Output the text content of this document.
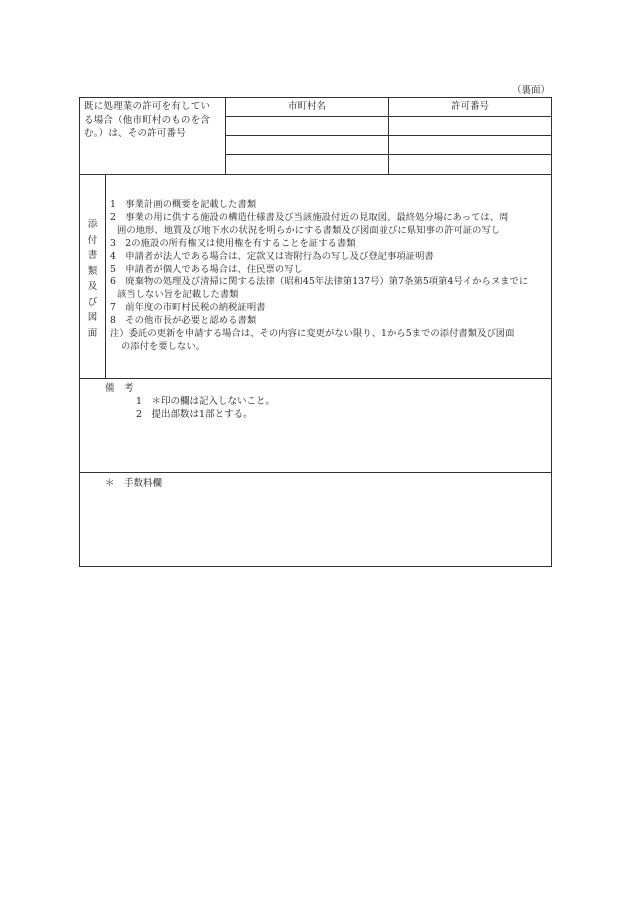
（裏面）
既に処理業の許可を有してい
る場合（他市町村のものを含
む。）は、その許可番号
市町村名	許可番号
添
付
書
類
及
び
図
面
1　事業計画の概要を記載した書類
2　事業の用に供する施設の構造仕様書及び当該施設付近の見取図、最終処分場にあっては、周
囲の地形、地質及び地下水の状況を明らかにする書類及び図面並びに県知事の許可証の写し
3　2の施設の所有権又は使用権を有することを証する書類
4　申請者が法人である場合は、定款又は寄附行為の写し及び登記事項証明書
5　申請者が個人である場合は、住民票の写し
6　廃棄物の処理及び清掃に関する法律（昭和45年法律第137号）第7条第5項第4号イからヌまでに
該当しない旨を記載した書類
7　前年度の市町村民税の納税証明書
8　その他市長が必要と認める書類
注）委託の更新を申請する場合は、その内容に変更がない限り、1から5までの添付書類及び図面
の添付を要しない。
備　考
1　＊印の欄は記入しないこと。
2　提出部数は1部とする。
＊　手数料欄
